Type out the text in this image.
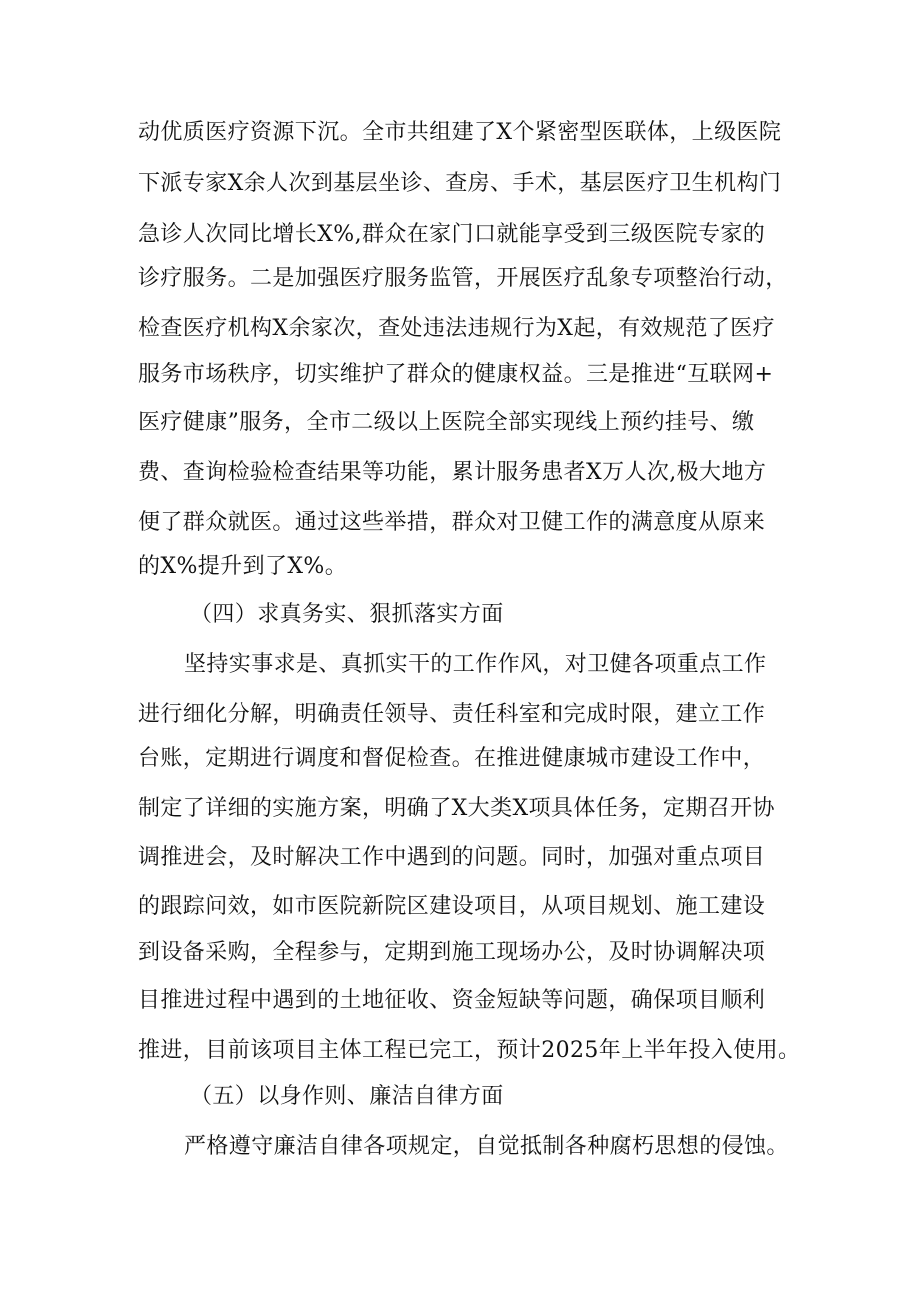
动优质医疗资源下沉。全市共组建了X个紧密型医联体，上级医院
下派专家X余人次到基层坐诊、查房、手术，基层医疗卫生机构门
急诊人次同比增长X%,群众在家门口就能享受到三级医院专家的
诊疗服务。二是加强医疗服务监管，开展医疗乱象专项整治行动，
检查医疗机构X余家次，查处违法违规行为X起，有效规范了医疗
服务市场秩序，切实维护了群众的健康权益。三是推进“互联网+
医疗健康”服务，全市二级以上医院全部实现线上预约挂号、缴
费、查询检验检查结果等功能，累计服务患者X万人次,极大地方
便了群众就医。通过这些举措，群众对卫健工作的满意度从原来
的X%提升到了X%。
（四）求真务实、狠抓落实方面
坚持实事求是、真抓实干的工作作风，对卫健各项重点工作
进行细化分解，明确责任领导、责任科室和完成时限，建立工作
台账，定期进行调度和督促检查。在推进健康城市建设工作中，
制定了详细的实施方案，明确了X大类X项具体任务，定期召开协
调推进会，及时解决工作中遇到的问题。同时，加强对重点项目
的跟踪问效，如市医院新院区建设项目，从项目规划、施工建设
到设备采购，全程参与，定期到施工现场办公，及时协调解决项
目推进过程中遇到的土地征收、资金短缺等问题，确保项目顺利
推进，目前该项目主体工程已完工，预计2025年上半年投入使用。
（五）以身作则、廉洁自律方面
严格遵守廉洁自律各项规定，自觉抵制各种腐朽思想的侵蚀。
